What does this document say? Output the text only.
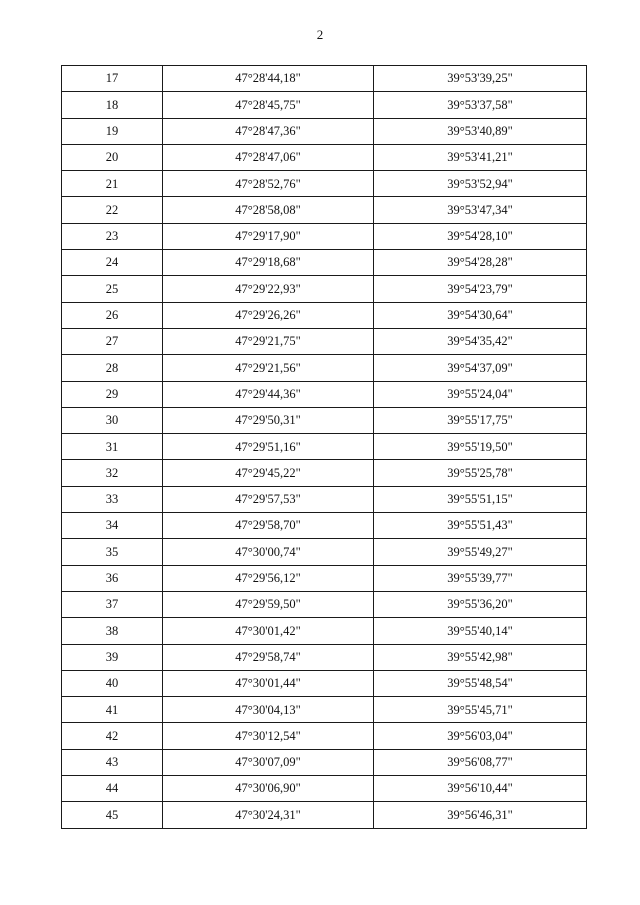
2
17	47°28'44,18"	39°53'39,25"
18	47°28'45,75"	39°53'37,58"
19	47°28'47,36"	39°53'40,89"
20	47°28'47,06"	39°53'41,21"
21	47°28'52,76"	39°53'52,94"
22	47°28'58,08"	39°53'47,34"
23	47°29'17,90"	39°54'28,10"
24	47°29'18,68"	39°54'28,28"
25	47°29'22,93"	39°54'23,79"
26	47°29'26,26"	39°54'30,64"
27	47°29'21,75"	39°54'35,42"
28	47°29'21,56"	39°54'37,09"
29	47°29'44,36"	39°55'24,04"
30	47°29'50,31"	39°55'17,75"
31	47°29'51,16"	39°55'19,50"
32	47°29'45,22"	39°55'25,78"
33	47°29'57,53"	39°55'51,15"
34	47°29'58,70"	39°55'51,43"
35	47°30'00,74"	39°55'49,27"
36	47°29'56,12"	39°55'39,77"
37	47°29'59,50"	39°55'36,20"
38	47°30'01,42"	39°55'40,14"
39	47°29'58,74"	39°55'42,98"
40	47°30'01,44"	39°55'48,54"
41	47°30'04,13"	39°55'45,71"
42	47°30'12,54"	39°56'03,04"
43	47°30'07,09"	39°56'08,77"
44	47°30'06,90"	39°56'10,44"
45	47°30'24,31"	39°56'46,31"
